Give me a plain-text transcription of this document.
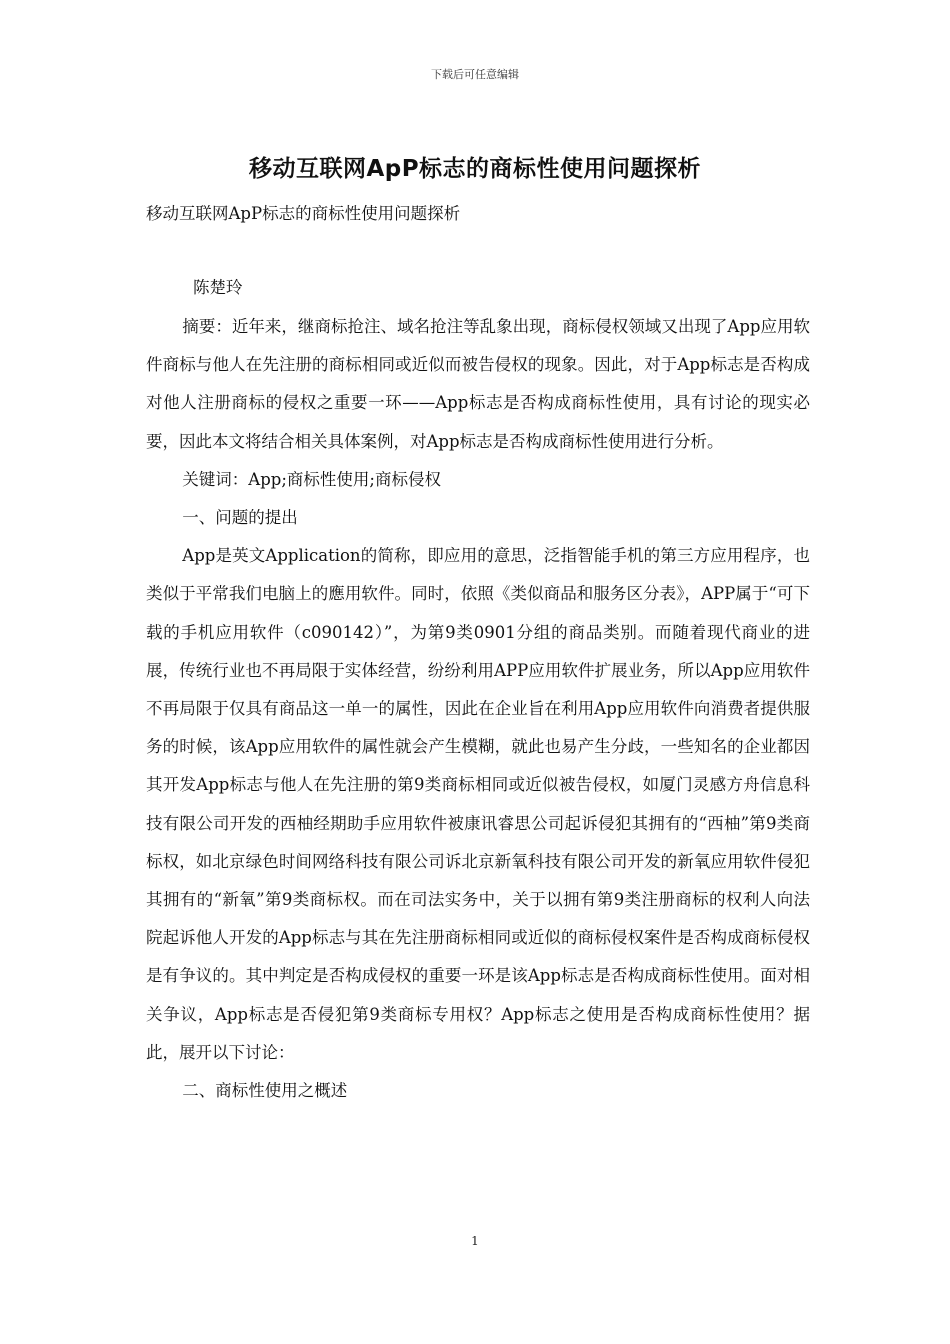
下载后可任意编辑
移动互联网ApP标志的商标性使用问题探析

移动互联网ApP标志的商标性使用问题探析

陈楚玲

摘要：近年来，继商标抢注、域名抢注等乱象出现，商标侵权领域又出现了App应用软件商标与他人在先注册的商标相同或近似而被告侵权的现象。因此，对于App标志是否构成对他人注册商标的侵权之重要一环——App标志是否构成商标性使用，具有讨论的现实必要，因此本文将结合相关具体案例，对App标志是否构成商标性使用进行分析。

关键词：App;商标性使用;商标侵权

一、问题的提出

App是英文Application的简称，即应用的意思，泛指智能手机的第三方应用程序，也类似于平常我们电脑上的應用软件。同时，依照《类似商品和服务区分表》，APP属于“可下载的手机应用软件（c090142）”，为第9类0901分组的商品类别。而随着现代商业的进展，传统行业也不再局限于实体经营，纷纷利用APP应用软件扩展业务，所以App应用软件不再局限于仅具有商品这一单一的属性，因此在企业旨在利用App应用软件向消费者提供服务的时候，该App应用软件的属性就会产生模糊，就此也易产生分歧，一些知名的企业都因其开发App标志与他人在先注册的第9类商标相同或近似被告侵权，如厦门灵感方舟信息科技有限公司开发的西柚经期助手应用软件被康讯睿思公司起诉侵犯其拥有的“西柚”第9类商标权，如北京绿色时间网络科技有限公司诉北京新氧科技有限公司开发的新氧应用软件侵犯其拥有的“新氧”第9类商标权。而在司法实务中，关于以拥有第9类注册商标的权利人向法院起诉他人开发的App标志与其在先注册商标相同或近似的商标侵权案件是否构成商标侵权是有争议的。其中判定是否构成侵权的重要一环是该App标志是否构成商标性使用。面对相关争议，App标志是否侵犯第9类商标专用权？App标志之使用是否构成商标性使用？据此，展开以下讨论：

二、商标性使用之概述

1
